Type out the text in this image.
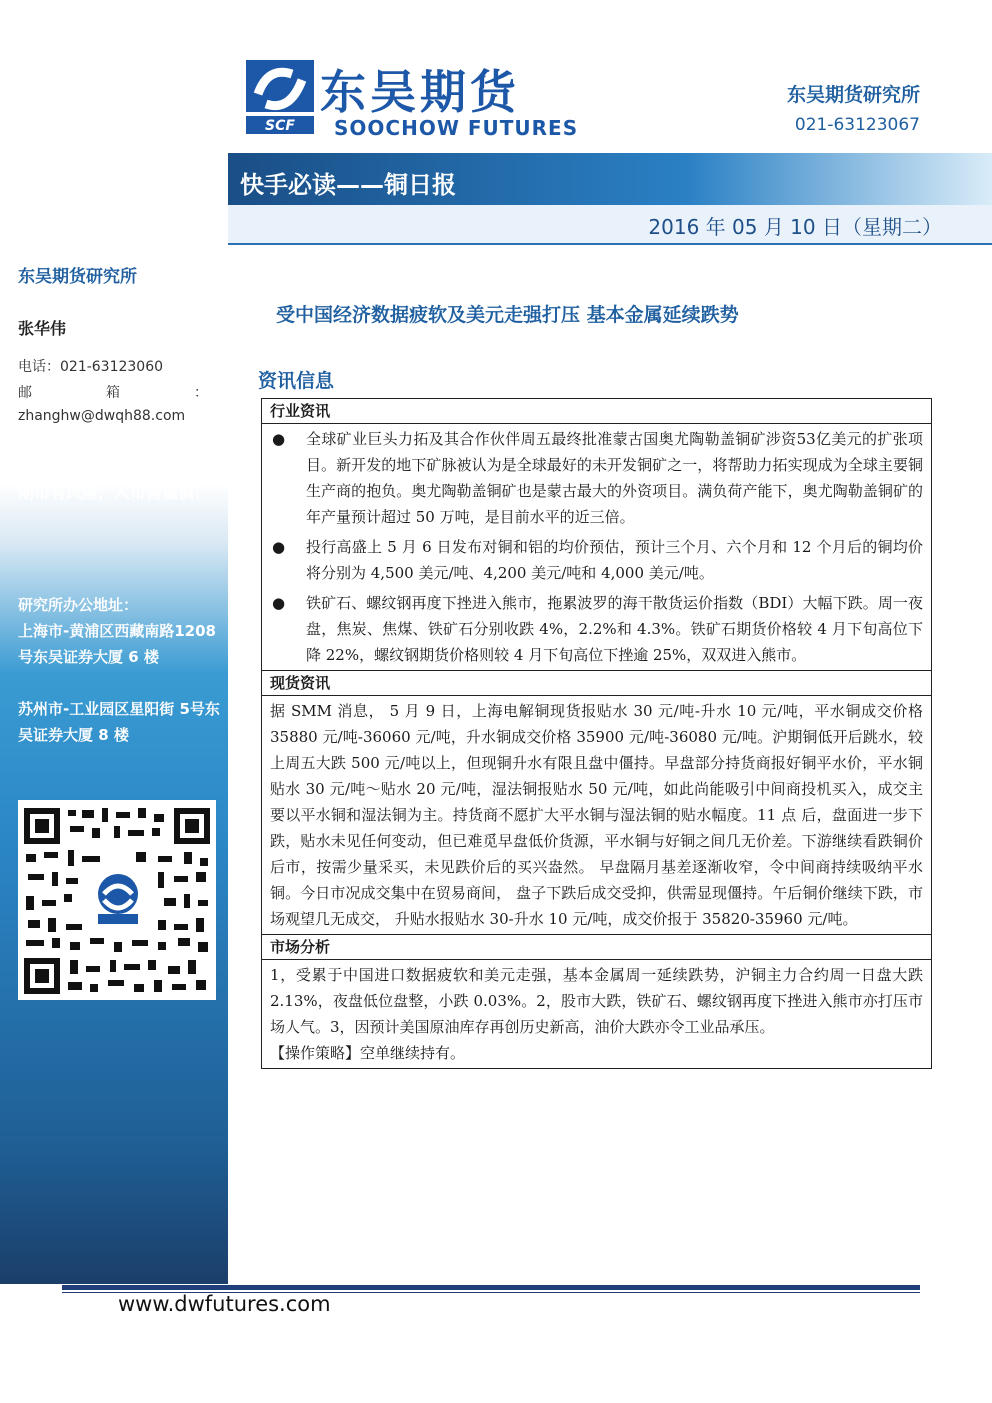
东吴期货研究所
张华伟
电话：021-63123060
邮	箱	：
zhanghw@dwqh88.com
期市有风险，入市需谨慎！
研究所办公地址：
上海市-黄浦区西藏南路1208 号东吴证券大厦 6 楼
苏州市-工业园区星阳街 5号东吴证券大厦 8 楼
SCF
东吴期货
SOOCHOW FUTURES
东吴期货研究所
021-63123067
快手必读——铜日报
2016 年 05 月 10 日（星期二）
受中国经济数据疲软及美元走强打压 基本金属延续跌势
资讯信息
行业资讯
● 全球矿业巨头力拓及其合作伙伴周五最终批准蒙古国奥尤陶勒盖铜矿涉资53亿美元的扩张项目。新开发的地下矿脉被认为是全球最好的未开发铜矿之一，将帮助力拓实现成为全球主要铜生产商的抱负。奥尤陶勒盖铜矿也是蒙古最大的外资项目。满负荷产能下，奥尤陶勒盖铜矿的年产量预计超过 50 万吨，是目前水平的近三倍。
● 投行高盛上 5 月 6 日发布对铜和铝的均价预估，预计三个月、六个月和 12 个月后的铜均价将分别为 4,500 美元/吨、4,200 美元/吨和 4,000 美元/吨。
● 铁矿石、螺纹钢再度下挫进入熊市，拖累波罗的海干散货运价指数（BDI）大幅下跌。周一夜盘，焦炭、焦煤、铁矿石分别收跌 4%，2.2%和 4.3%。铁矿石期货价格较 4 月下旬高位下降 22%，螺纹钢期货价格则较 4 月下旬高位下挫逾 25%，双双进入熊市。
现货资讯
据 SMM 消息， 5 月 9 日，上海电解铜现货报贴水 30 元/吨-升水 10 元/吨，平水铜成交价格 35880 元/吨-36060 元/吨，升水铜成交价格 35900 元/吨-36080 元/吨。沪期铜低开后跳水，较上周五大跌 500 元/吨以上，但现铜升水有限且盘中僵持。早盘部分持货商报好铜平水价，平水铜贴水 30 元/吨～贴水 20 元/吨，湿法铜报贴水 50 元/吨，如此尚能吸引中间商投机买入，成交主要以平水铜和湿法铜为主。持货商不愿扩大平水铜与湿法铜的贴水幅度。11 点 后，盘面进一步下跌，贴水未见任何变动，但已难觅早盘低价货源，平水铜与好铜之间几无价差。下游继续看跌铜价后市，按需少量采买，未见跌价后的买兴盎然。 早盘隔月基差逐渐收窄，令中间商持续吸纳平水铜。今日市况成交集中在贸易商间， 盘子下跌后成交受抑，供需显现僵持。午后铜价继续下跌，市场观望几无成交， 升贴水报贴水 30-升水 10 元/吨，成交价报于 35820-35960 元/吨。
市场分析
1，受累于中国进口数据疲软和美元走强，基本金属周一延续跌势，沪铜主力合约周一日盘大跌 2.13%，夜盘低位盘整，小跌 0.03%。2，股市大跌，铁矿石、螺纹钢再度下挫进入熊市亦打压市场人气。3，因预计美国原油库存再创历史新高，油价大跌亦令工业品承压。
【操作策略】空单继续持有。
www.dwfutures.com
